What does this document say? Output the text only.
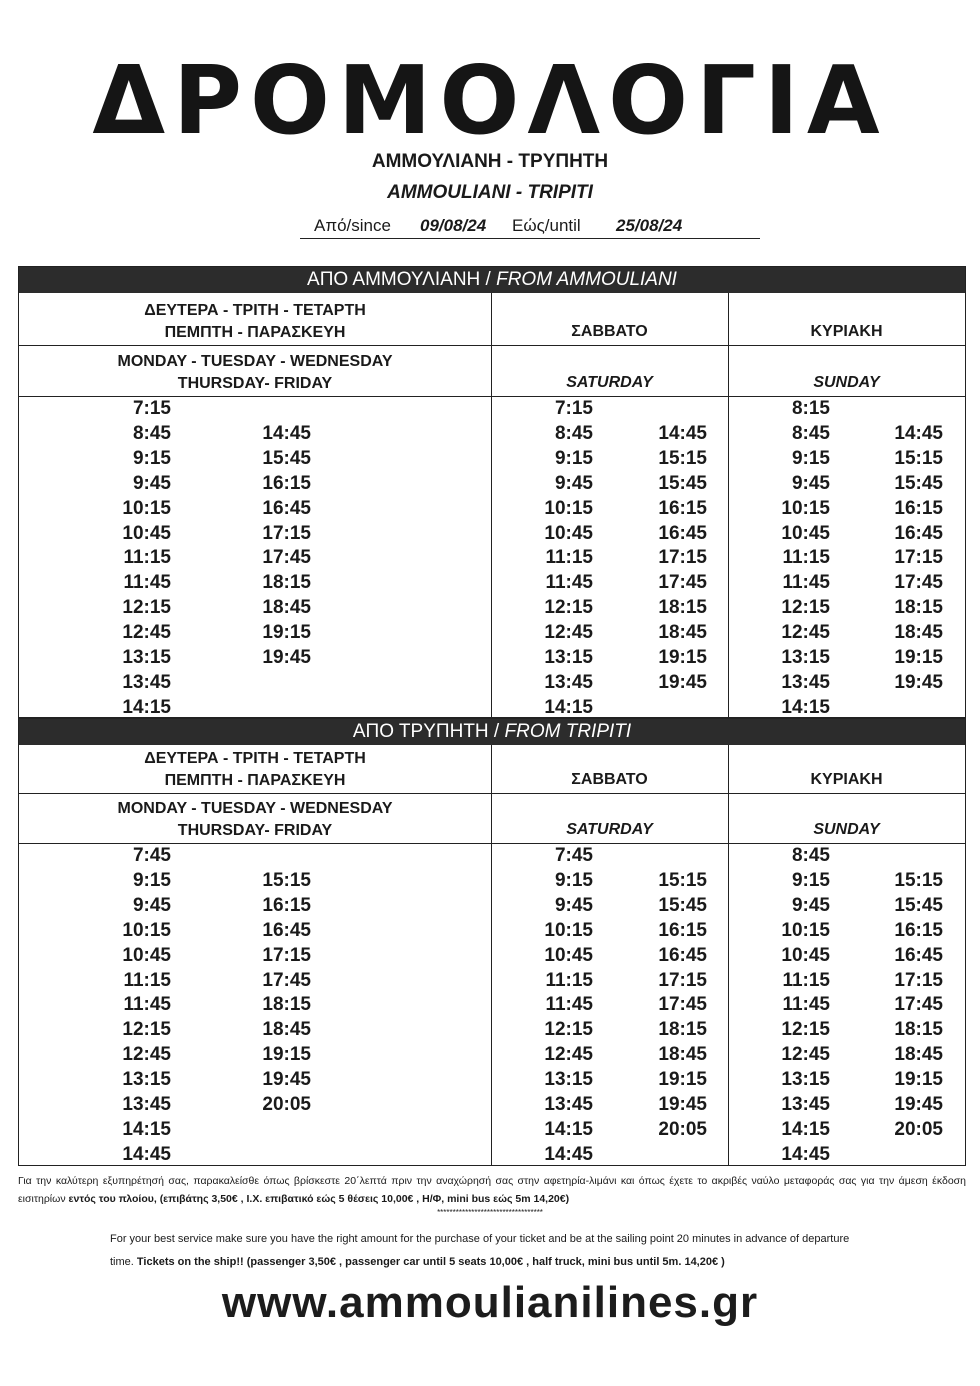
ΔΡΟΜΟΛΟΓΙΑ
ΑΜΜΟΥΛΙΑΝΗ - ΤΡΥΠΗΤΗ
AMMOULIANI - TRIPITI
Από/since 09/08/24 Εώς/until 25/08/24
ΑΠΟ ΑΜΜΟΥΛΙΑΝΗ / FROM AMMOULIANI
ΔΕΥΤΕΡΑ - ΤΡΙΤΗ - ΤΕΤΑΡΤΗ
ΠΕΜΠΤΗ - ΠΑΡΑΣΚΕΥΗ
MONDAY - TUESDAY - WEDNESDAY
THURSDAY- FRIDAY
ΣΑΒΒΑΤΟ
SATURDAY
ΚΥΡΙΑΚΗ
SUNDAY
7:15
8:45
9:15
9:45
10:15
10:45
11:15
11:45
12:15
12:45
13:15
13:45
14:15
14:45
15:45
16:15
16:45
17:15
17:45
18:15
18:45
19:15
19:45
7:15
8:45
9:15
9:45
10:15
10:45
11:15
11:45
12:15
12:45
13:15
13:45
14:15
14:45
15:15
15:45
16:15
16:45
17:15
17:45
18:15
18:45
19:15
19:45
8:15
8:45
9:15
9:45
10:15
10:45
11:15
11:45
12:15
12:45
13:15
13:45
14:15
14:45
15:15
15:45
16:15
16:45
17:15
17:45
18:15
18:45
19:15
19:45
ΑΠΟ ΤΡΥΠΗΤΗ / FROM TRIPITI
ΔΕΥΤΕΡΑ - ΤΡΙΤΗ - ΤΕΤΑΡΤΗ
ΠΕΜΠΤΗ - ΠΑΡΑΣΚΕΥΗ
MONDAY - TUESDAY - WEDNESDAY
THURSDAY- FRIDAY
ΣΑΒΒΑΤΟ
SATURDAY
ΚΥΡΙΑΚΗ
SUNDAY
7:45
9:15
9:45
10:15
10:45
11:15
11:45
12:15
12:45
13:15
13:45
14:15
14:45
15:15
16:15
16:45
17:15
17:45
18:15
18:45
19:15
19:45
20:05
7:45
9:15
9:45
10:15
10:45
11:15
11:45
12:15
12:45
13:15
13:45
14:15
14:45
15:15
15:45
16:15
16:45
17:15
17:45
18:15
18:45
19:15
19:45
20:05
8:45
9:15
9:45
10:15
10:45
11:15
11:45
12:15
12:45
13:15
13:45
14:15
14:45
15:15
15:45
16:15
16:45
17:15
17:45
18:15
18:45
19:15
19:45
20:05
Για την καλύτερη εξυπηρέτησή σας, παρακαλείσθε όπως βρίσκεστε 20΄λεπτά πριν την αναχώρησή σας στην αφετηρία-λιμάνι και όπως έχετε το ακριβές ναύλο μεταφοράς σας για την άμεση έκδοση εισιτηρίων εντός του πλοίου, (επιβάτης 3,50€ , Ι.Χ. επιβατικό εώς 5 θέσεις 10,00€ , Η/Φ, mini bus εώς 5m 14,20€)
**********************************
For your best service make sure you have the right amount for the purchase of your ticket and be at the sailing point 20 minutes in advance of departure time. Tickets on the ship!! (passenger 3,50€ , passenger car until 5 seats 10,00€ , half truck, mini bus until 5m. 14,20€ )
www.ammoulianilines.gr
